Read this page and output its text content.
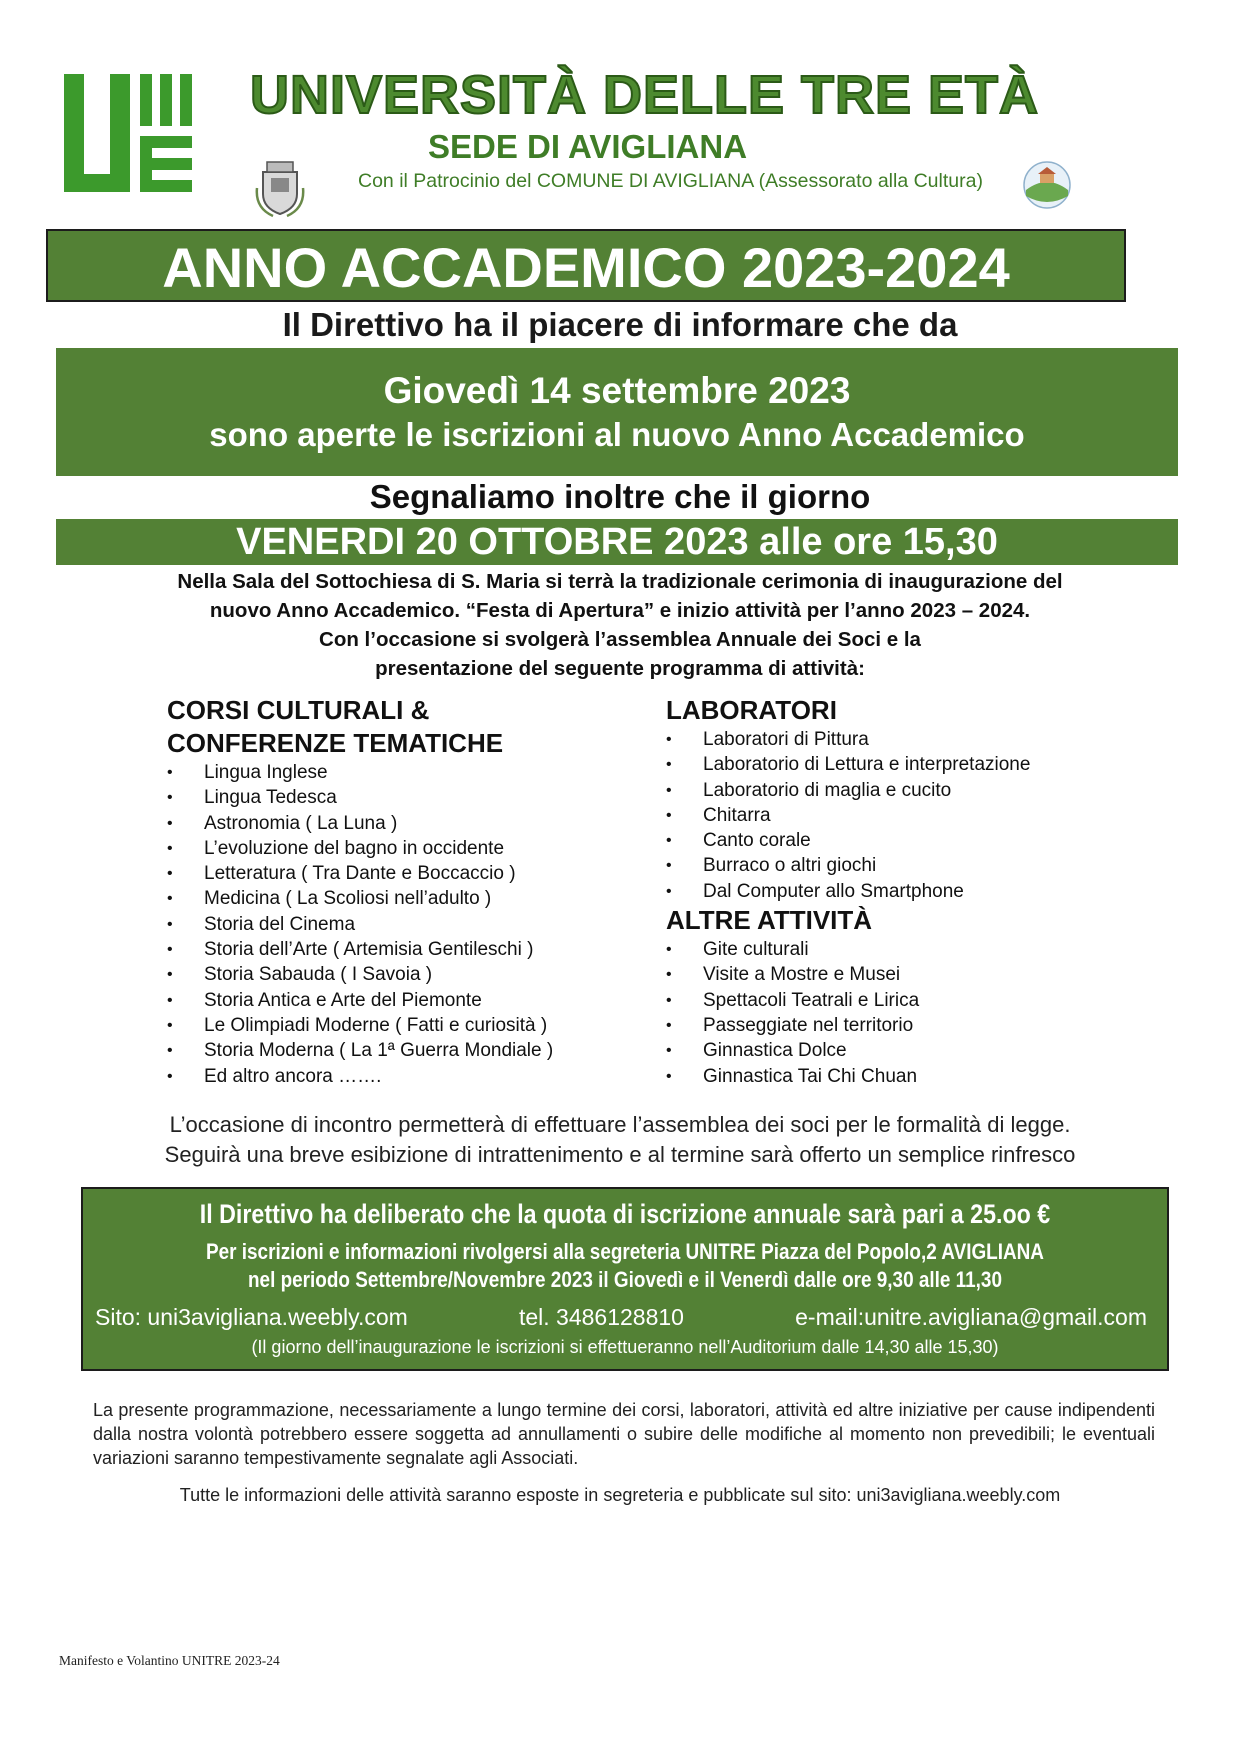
UNIVERSITÀ DELLE TRE ETÀ
SEDE DI AVIGLIANA
Con il Patrocinio del COMUNE DI AVIGLIANA (Assessorato alla Cultura)
ANNO ACCADEMICO 2023-2024
Il Direttivo ha il piacere di informare che da
Giovedì 14 settembre 2023
sono aperte le iscrizioni al nuovo Anno Accademico
Segnaliamo inoltre che il giorno
VENERDI 20 OTTOBRE 2023 alle ore 15,30
Nella Sala del Sottochiesa di S. Maria si terrà la tradizionale cerimonia di inaugurazione del
nuovo Anno Accademico. “Festa di Apertura” e inizio attività per l’anno 2023 – 2024.
Con l’occasione si svolgerà l’assemblea Annuale dei Soci e la
presentazione del seguente programma di attività:
CORSI CULTURALI &
CONFERENZE TEMATICHE
• Lingua Inglese
• Lingua Tedesca
• Astronomia ( La Luna )
• L’evoluzione del bagno in occidente
• Letteratura ( Tra Dante e Boccaccio )
• Medicina ( La Scoliosi nell’adulto )
• Storia del Cinema
• Storia dell’Arte ( Artemisia Gentileschi )
• Storia Sabauda ( I Savoia )
• Storia Antica e Arte del Piemonte
• Le Olimpiadi Moderne ( Fatti e curiosità )
• Storia Moderna ( La 1ª Guerra Mondiale )
• Ed altro ancora …….
LABORATORI
• Laboratori di Pittura
• Laboratorio di Lettura e interpretazione
• Laboratorio di maglia e cucito
• Chitarra
• Canto corale
• Burraco o altri giochi
• Dal Computer allo Smartphone
ALTRE ATTIVITÀ
• Gite culturali
• Visite a Mostre e Musei
• Spettacoli Teatrali e Lirica
• Passeggiate nel territorio
• Ginnastica Dolce
• Ginnastica Tai Chi Chuan
L’occasione di incontro permetterà di effettuare l’assemblea dei soci per le formalità di legge.
Seguirà una breve esibizione di intrattenimento e al termine sarà offerto un semplice rinfresco
Il Direttivo ha deliberato che la quota di iscrizione annuale sarà pari a 25.oo €
Per iscrizioni e informazioni rivolgersi alla segreteria UNITRE Piazza del Popolo,2 AVIGLIANA
nel periodo Settembre/Novembre 2023 il Giovedì e il Venerdì dalle ore 9,30 alle 11,30
Sito: uni3avigliana.weebly.com	tel. 3486128810	e-mail:unitre.avigliana@gmail.com
(Il giorno dell’inaugurazione le iscrizioni si effettueranno nell’Auditorium dalle 14,30 alle 15,30)
La presente programmazione, necessariamente a lungo termine dei corsi, laboratori, attività ed altre iniziative per cause indipendenti dalla nostra volontà potrebbero essere soggetta ad annullamenti o subire delle modifiche al momento non prevedibili; le eventuali variazioni saranno tempestivamente segnalate agli Associati.
Tutte le informazioni delle attività saranno esposte in segreteria e pubblicate sul sito: uni3avigliana.weebly.com
Manifesto e Volantino UNITRE 2023-24
